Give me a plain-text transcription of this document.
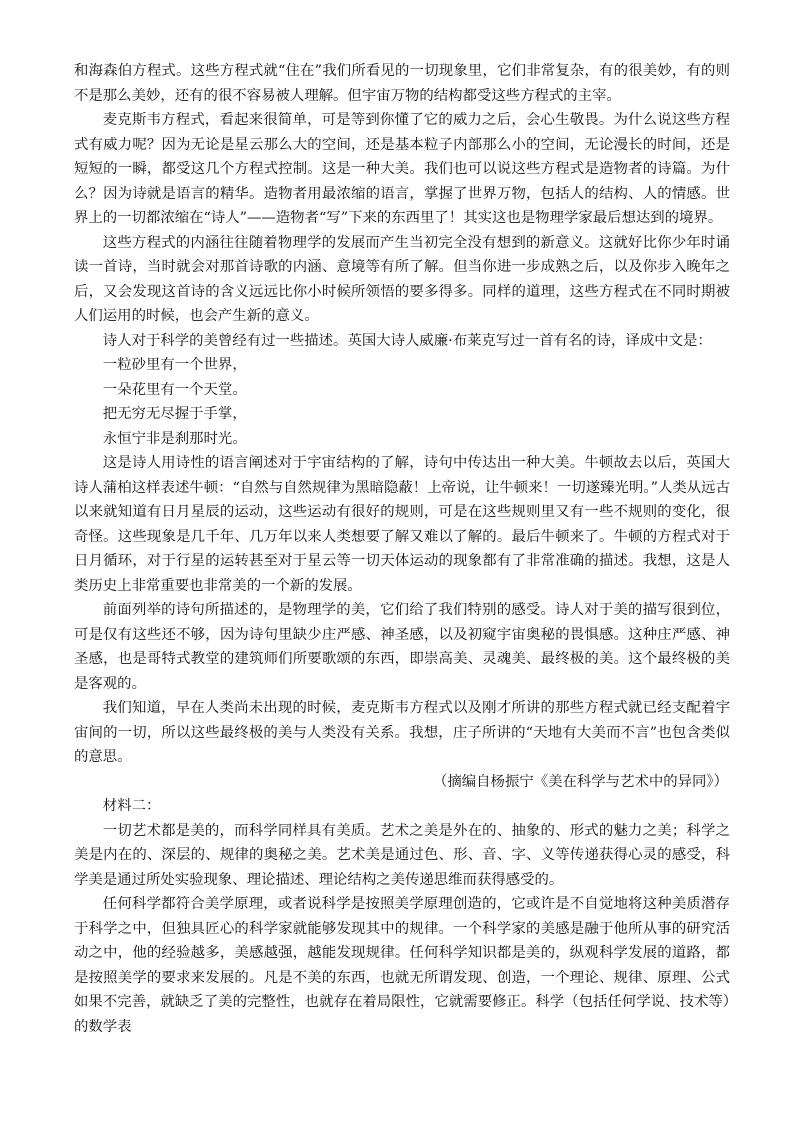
和海森伯方程式。这些方程式就“住在”我们所看见的一切现象里，它们非常复杂，有的很美妙，有的则不是那么美妙，还有的很不容易被人理解。但宇宙万物的结构都受这些方程式的主宰。

麦克斯韦方程式，看起来很简单，可是等到你懂了它的威力之后，会心生敬畏。为什么说这些方程式有威力呢？因为无论是星云那么大的空间，还是基本粒子内部那么小的空间，无论漫长的时间，还是短短的一瞬，都受这几个方程式控制。这是一种大美。我们也可以说这些方程式是造物者的诗篇。为什么？因为诗就是语言的精华。造物者用最浓缩的语言，掌握了世界万物，包括人的结构、人的情感。世界上的一切都浓缩在“诗人”——造物者“写”下来的东西里了！其实这也是物理学家最后想达到的境界。

这些方程式的内涵往往随着物理学的发展而产生当初完全没有想到的新意义。这就好比你少年时诵读一首诗，当时就会对那首诗歌的内涵、意境等有所了解。但当你进一步成熟之后，以及你步入晚年之后，又会发现这首诗的含义远远比你小时候所领悟的要多得多。同样的道理，这些方程式在不同时期被人们运用的时候，也会产生新的意义。

诗人对于科学的美曾经有过一些描述。英国大诗人威廉·布莱克写过一首有名的诗，译成中文是：

一粒砂里有一个世界，

一朵花里有一个天堂。

把无穷无尽握于手掌，

永恒宁非是刹那时光。

这是诗人用诗性的语言阐述对于宇宙结构的了解，诗句中传达出一种大美。牛顿故去以后，英国大诗人蒲柏这样表述牛顿：“自然与自然规律为黑暗隐蔽！上帝说，让牛顿来！一切遂臻光明。”人类从远古以来就知道有日月星辰的运动，这些运动有很好的规则，可是在这些规则里又有一些不规则的变化，很奇怪。这些现象是几千年、几万年以来人类想要了解又难以了解的。最后牛顿来了。牛顿的方程式对于日月循环，对于行星的运转甚至对于星云等一切天体运动的现象都有了非常准确的描述。我想，这是人类历史上非常重要也非常美的一个新的发展。

前面列举的诗句所描述的，是物理学的美，它们给了我们特别的感受。诗人对于美的描写很到位，可是仅有这些还不够，因为诗句里缺少庄严感、神圣感，以及初窥宇宙奥秘的畏惧感。这种庄严感、神圣感，也是哥特式教堂的建筑师们所要歌颂的东西，即崇高美、灵魂美、最终极的美。这个最终极的美是客观的。

我们知道，早在人类尚未出现的时候，麦克斯韦方程式以及刚才所讲的那些方程式就已经支配着宇宙间的一切，所以这些最终极的美与人类没有关系。我想，庄子所讲的“天地有大美而不言”也包含类似的意思。

（摘编自杨振宁《美在科学与艺术中的异同》）

材料二：

一切艺术都是美的，而科学同样具有美质。艺术之美是外在的、抽象的、形式的魅力之美；科学之美是内在的、深层的、规律的奥秘之美。艺术美是通过色、形、音、字、义等传递获得心灵的感受，科学美是通过所处实验现象、理论描述、理论结构之美传递思维而获得感受的。

任何科学都符合美学原理，或者说科学是按照美学原理创造的，它或许是不自觉地将这种美质潜存于科学之中，但独具匠心的科学家就能够发现其中的规律。一个科学家的美感是融于他所从事的研究活动之中，他的经验越多，美感越强，越能发现规律。任何科学知识都是美的，纵观科学发展的道路，都是按照美学的要求来发展的。凡是不美的东西，也就无所谓发现、创造，一个理论、规律、原理、公式如果不完善，就缺乏了美的完整性，也就存在着局限性，它就需要修正。科学（包括任何学说、技术等）的数学表
